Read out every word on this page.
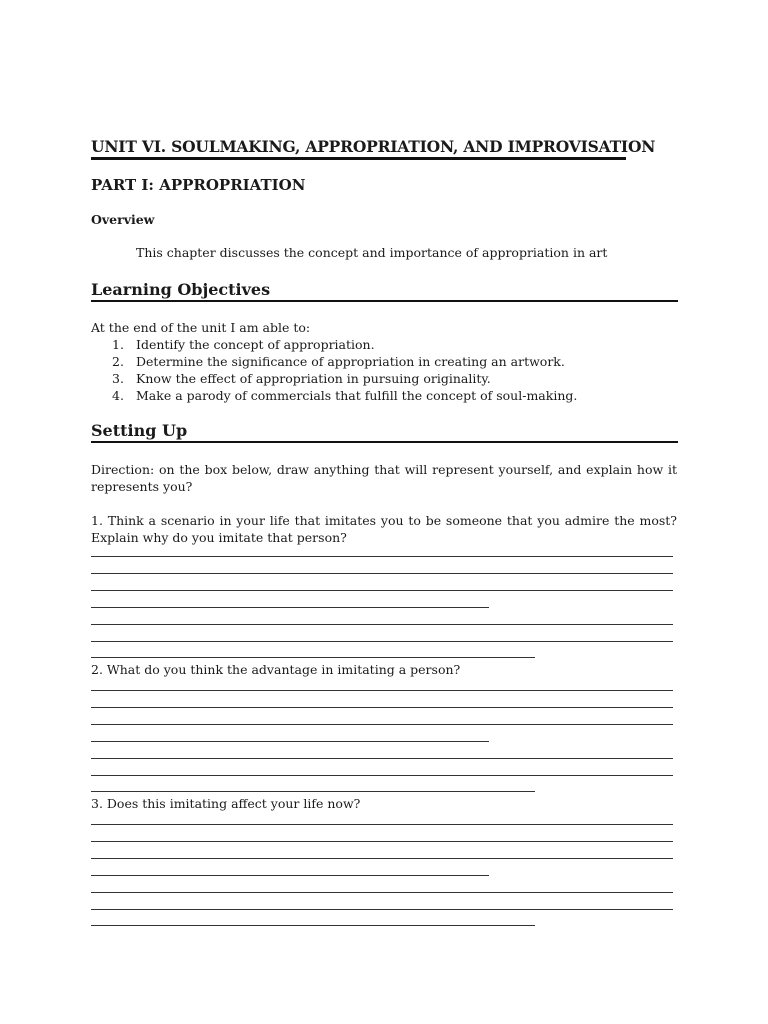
UNIT VI. SOULMAKING, APPROPRIATION, AND IMPROVISATION
PART I: APPROPRIATION
Overview
This chapter discusses the concept and importance of appropriation in art
Learning Objectives
At the end of the unit I am able to:
1. Identify the concept of appropriation.
2. Determine the significance of appropriation in creating an artwork.
3. Know the effect of appropriation in pursuing originality.
4. Make a parody of commercials that fulfill the concept of soul-making.
Setting Up
Direction: on the box below, draw anything that will represent yourself, and explain how it represents you?
1. Think a scenario in your life that imitates you to be someone that you admire the most? Explain why do you imitate that person?
2. What do you think the advantage in imitating a person?
3. Does this imitating affect your life now?
